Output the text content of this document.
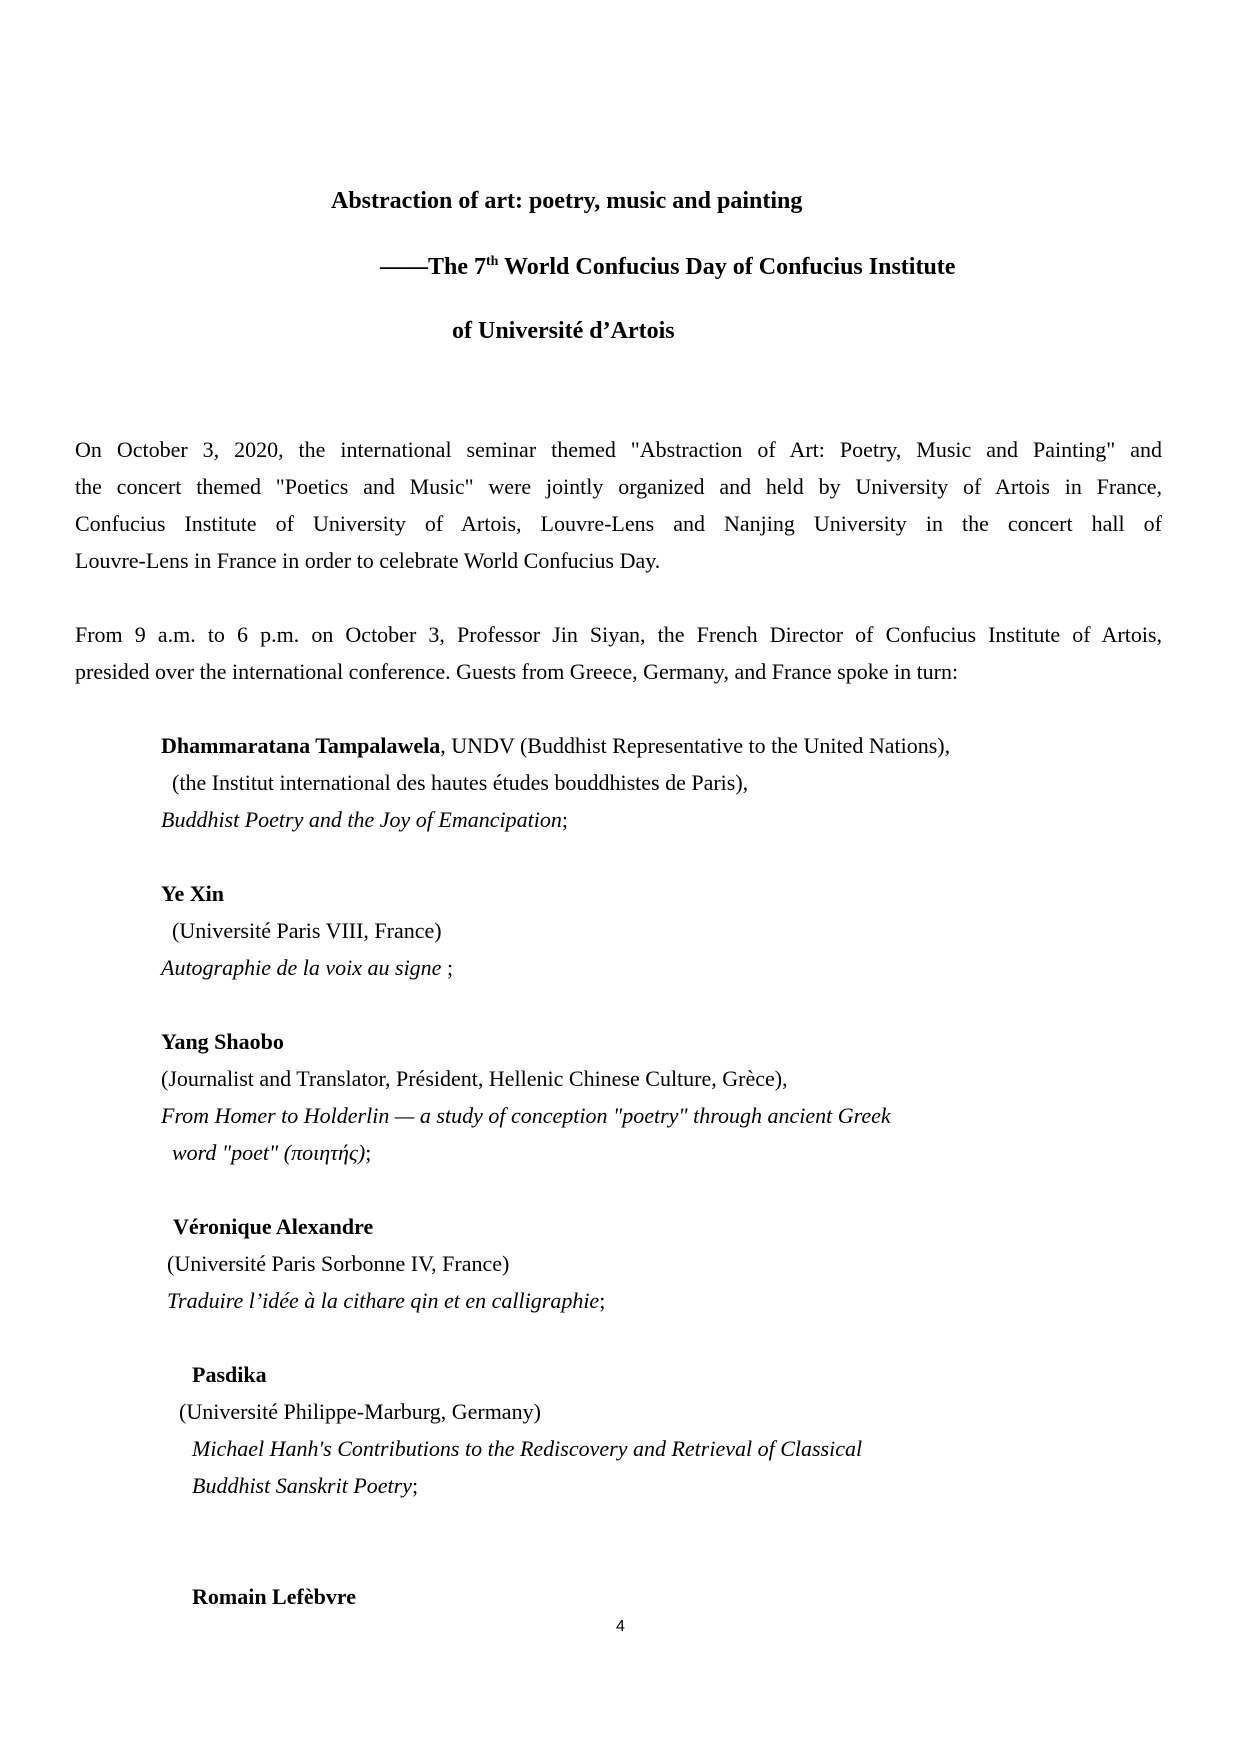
Abstraction of art: poetry, music and painting
——The 7th World Confucius Day of Confucius Institute
of Université d’Artois
On October 3, 2020, the international seminar themed "Abstraction of Art: Poetry, Music and Painting" and
the concert themed "Poetics and Music" were jointly organized and held by University of Artois in France,
Confucius Institute of University of Artois, Louvre-Lens and Nanjing University in the concert hall of
Louvre-Lens in France in order to celebrate World Confucius Day.
From 9 a.m. to 6 p.m. on October 3, Professor Jin Siyan, the French Director of Confucius Institute of Artois,
presided over the international conference. Guests from Greece, Germany, and France spoke in turn:
Dhammaratana Tampalawela, UNDV (Buddhist Representative to the United Nations),
(the Institut international des hautes études bouddhistes de Paris),
Buddhist Poetry and the Joy of Emancipation;
Ye Xin
(Université Paris VIII, France)
Autographie de la voix au signe ;
Yang Shaobo
(Journalist and Translator, Président, Hellenic Chinese Culture, Grèce),
From Homer to Holderlin — a study of conception "poetry" through ancient Greek
word "poet" (ποιητής);
Véronique Alexandre
(Université Paris Sorbonne IV, France)
Traduire l’idée à la cithare qin et en calligraphie;
Pasdika
(Université Philippe-Marburg, Germany)
Michael Hanh's Contributions to the Rediscovery and Retrieval of Classical
Buddhist Sanskrit Poetry;
Romain Lefèbvre
4
